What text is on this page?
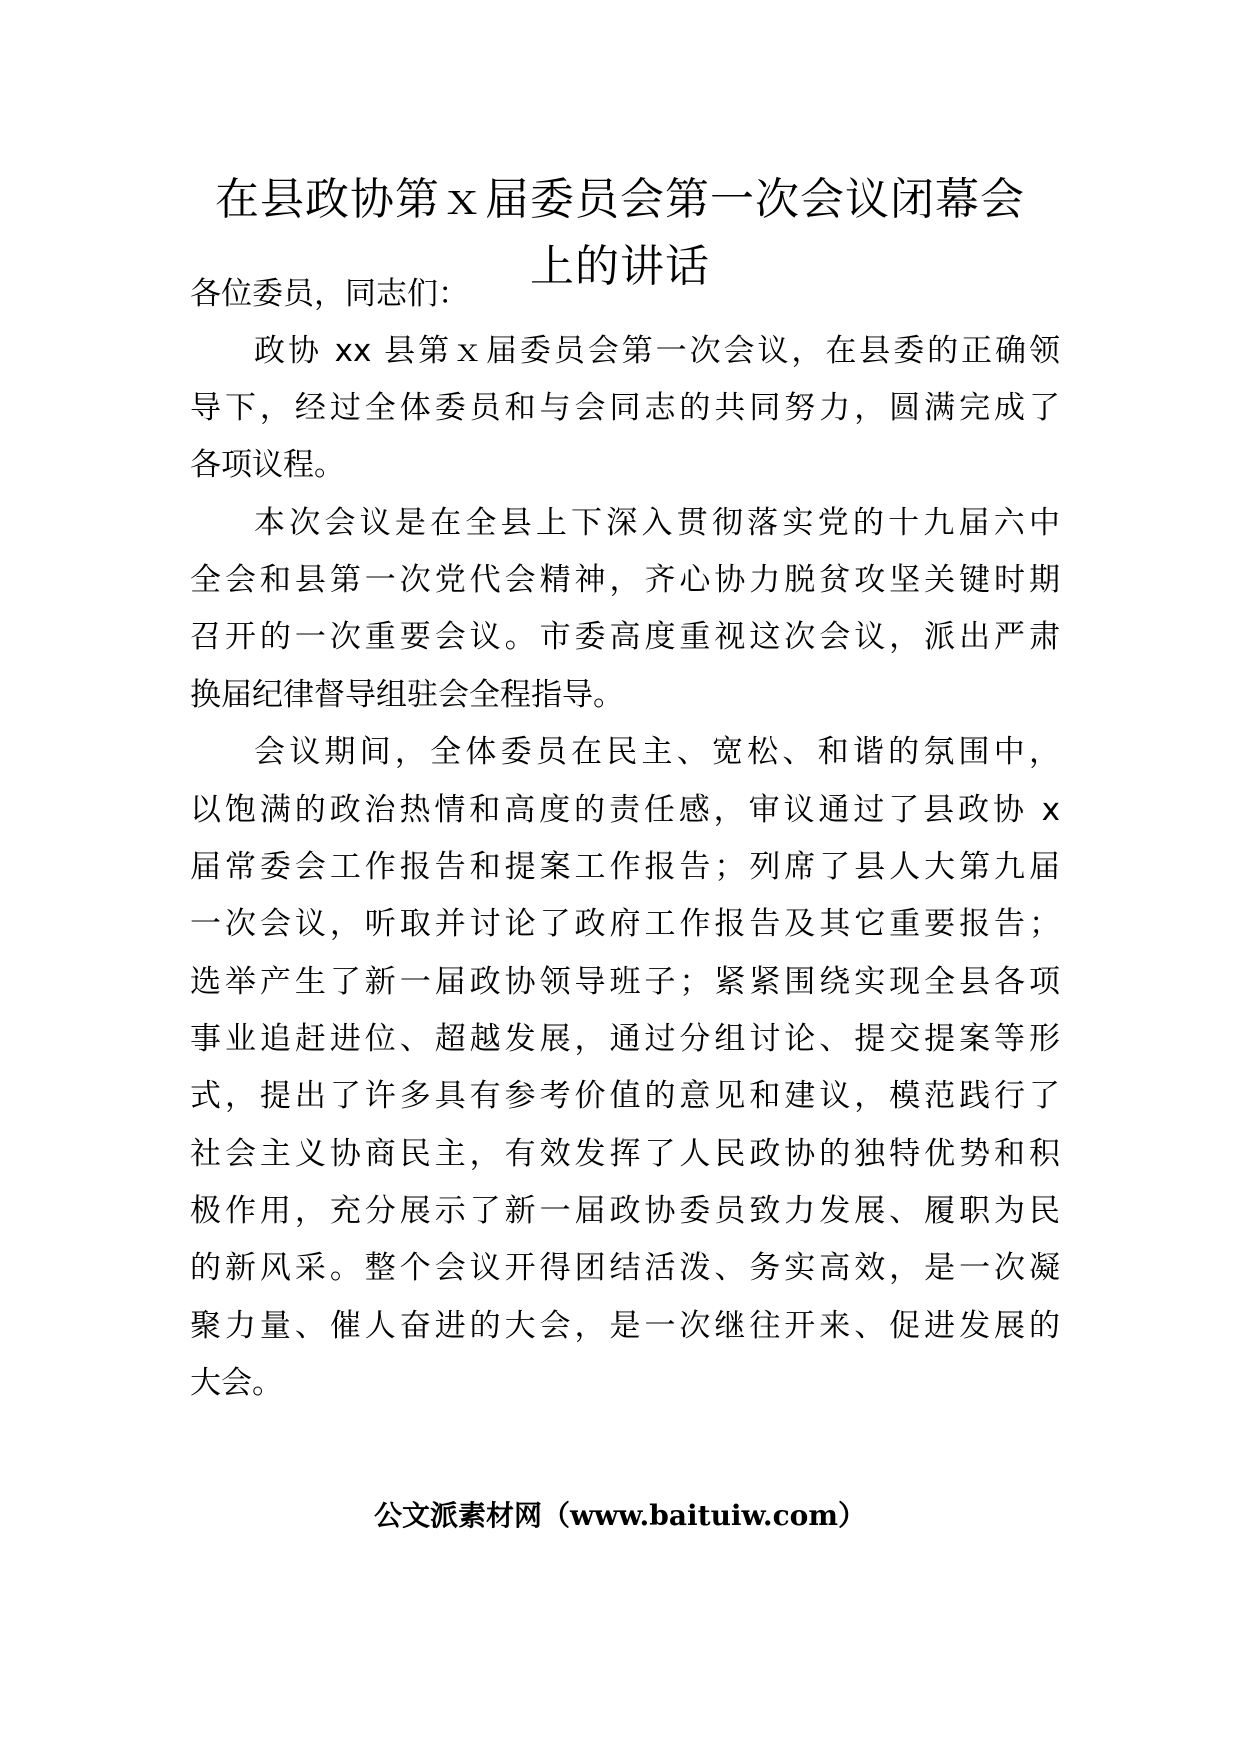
在县政协第ｘ届委员会第一次会议闭幕会
上的讲话

各位委员，同志们：

政协 xx 县第ｘ届委员会第一次会议，在县委的正确领

导下，经过全体委员和与会同志的共同努力，圆满完成了

各项议程。

本次会议是在全县上下深入贯彻落实党的十九届六中

全会和县第一次党代会精神，齐心协力脱贫攻坚关键时期

召开的一次重要会议。市委高度重视这次会议，派出严肃

换届纪律督导组驻会全程指导。

会议期间，全体委员在民主、宽松、和谐的氛围中，

以饱满的政治热情和高度的责任感，审议通过了县政协 x

届常委会工作报告和提案工作报告；列席了县人大第九届

一次会议，听取并讨论了政府工作报告及其它重要报告；

选举产生了新一届政协领导班子；紧紧围绕实现全县各项

事业追赶进位、超越发展，通过分组讨论、提交提案等形

式，提出了许多具有参考价值的意见和建议，模范践行了

社会主义协商民主，有效发挥了人民政协的独特优势和积

极作用，充分展示了新一届政协委员致力发展、履职为民

的新风采。整个会议开得团结活泼、务实高效，是一次凝

聚力量、催人奋进的大会，是一次继往开来、促进发展的

大会。

公文派素材网（www.baituiw.com）
